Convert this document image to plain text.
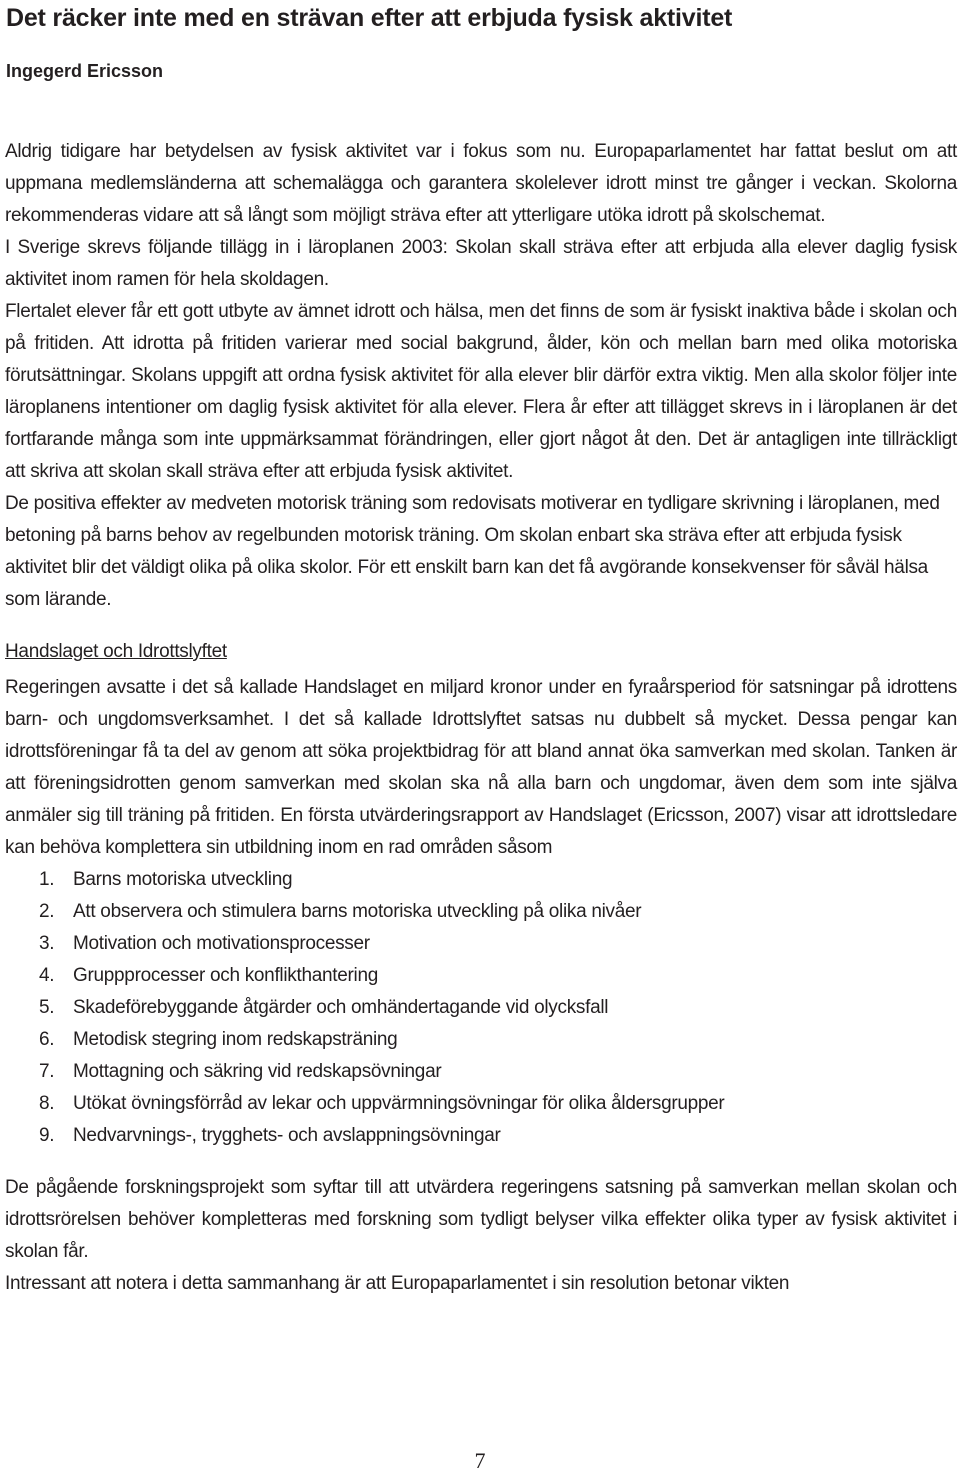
Det räcker inte med en strävan efter att erbjuda fysisk aktivitet
Ingegerd Ericsson

Aldrig tidigare har betydelsen av fysisk aktivitet var i fokus som nu. Europaparlamentet har fattat beslut om att uppmana medlemsländerna att schemalägga och garantera skolelever idrott minst tre gånger i veckan. Skolorna rekommenderas vidare att så långt som möjligt sträva efter att ytterligare utöka idrott på skolschemat.

I Sverige skrevs följande tillägg in i läroplanen 2003: Skolan skall sträva efter att erbjuda alla elever daglig fysisk aktivitet inom ramen för hela skoldagen.

Flertalet elever får ett gott utbyte av ämnet idrott och hälsa, men det finns de som är fysiskt inaktiva både i skolan och på fritiden. Att idrotta på fritiden varierar med social bakgrund, ålder, kön och mellan barn med olika motoriska förutsättningar. Skolans uppgift att ordna fysisk aktivitet för alla elever blir därför extra viktig. Men alla skolor följer inte läroplanens intentioner om daglig fysisk aktivitet för alla elever. Flera år efter att tillägget skrevs in i läroplanen är det fortfarande många som inte uppmärksammat förändringen, eller gjort något åt den. Det är antagligen inte tillräckligt att skriva att skolan skall sträva efter att erbjuda fysisk aktivitet.

De positiva effekter av medveten motorisk träning som redovisats motiverar en tydligare skrivning i läroplanen, med betoning på barns behov av regelbunden motorisk träning. Om skolan enbart ska sträva efter att erbjuda fysisk aktivitet blir det väldigt olika på olika skolor. För ett enskilt barn kan det få avgörande konsekvenser för såväl hälsa som lärande.

Handslaget och Idrottslyftet

Regeringen avsatte i det så kallade Handslaget en miljard kronor under en fyraårsperiod för satsningar på idrottens barn- och ungdomsverksamhet. I det så kallade Idrottslyftet satsas nu dubbelt så mycket. Dessa pengar kan idrottsföreningar få ta del av genom att söka projektbidrag för att bland annat öka samverkan med skolan. Tanken är att föreningsidrotten genom samverkan med skolan ska nå alla barn och ungdomar, även dem som inte själva anmäler sig till träning på fritiden. En första utvärderingsrapport av Handslaget (Ericsson, 2007) visar att idrottsledare kan behöva komplettera sin utbildning inom en rad områden såsom

1. Barns motoriska utveckling
2. Att observera och stimulera barns motoriska utveckling på olika nivåer
3. Motivation och motivationsprocesser
4. Gruppprocesser och konflikthantering
5. Skadeförebyggande åtgärder och omhändertagande vid olycksfall
6. Metodisk stegring inom redskapsträning
7. Mottagning och säkring vid redskapsövningar
8. Utökat övningsförråd av lekar och uppvärmningsövningar för olika åldersgrupper
9. Nedvarvnings-, trygghets- och avslappningsövningar

De pågående forskningsprojekt som syftar till att utvärdera regeringens satsning på samverkan mellan skolan och idrottsrörelsen behöver kompletteras med forskning som tydligt belyser vilka effekter olika typer av fysisk aktivitet i skolan får.

Intressant att notera i detta sammanhang är att Europaparlamentet i sin resolution betonar vikten

7
